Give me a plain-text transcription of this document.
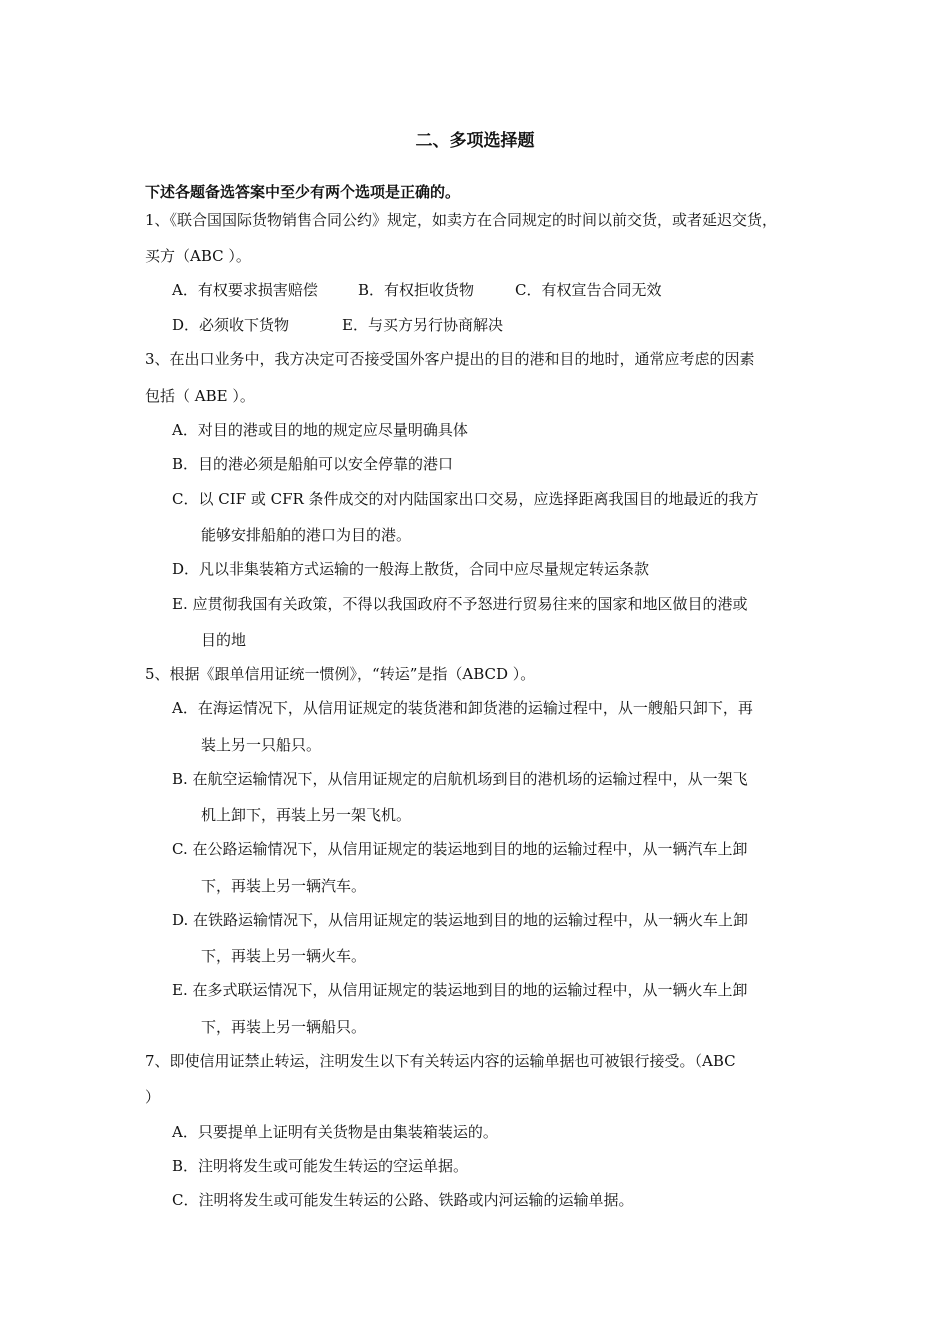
二、多项选择题
下述各题备选答案中至少有两个选项是正确的。
1、《联合国国际货物销售合同公约》规定，如卖方在合同规定的时间以前交货，或者延迟交货，
买方（ABC ）。
A．有权要求损害赔偿	B．有权拒收货物	C．有权宣告合同无效
D．必须收下货物	E．与买方另行协商解决
3、在出口业务中，我方决定可否接受国外客户提出的目的港和目的地时，通常应考虑的因素
包括（ ABE ）。
A．对目的港或目的地的规定应尽量明确具体
B．目的港必须是船舶可以安全停靠的港口
C．以 CIF 或 CFR 条件成交的对内陆国家出口交易，应选择距离我国目的地最近的我方
能够安排船舶的港口为目的港。
D．凡以非集装箱方式运输的一般海上散货，合同中应尽量规定转运条款
E. 应贯彻我国有关政策，不得以我国政府不予怒进行贸易往来的国家和地区做目的港或
目的地
5、根据《跟单信用证统一惯例》，“转运”是指（ABCD ）。
A．在海运情况下，从信用证规定的装货港和卸货港的运输过程中，从一艘船只卸下，再
装上另一只船只。
B. 在航空运输情况下，从信用证规定的启航机场到目的港机场的运输过程中，从一架飞
机上卸下，再装上另一架飞机。
C. 在公路运输情况下，从信用证规定的装运地到目的地的运输过程中，从一辆汽车上卸
下，再装上另一辆汽车。
D. 在铁路运输情况下，从信用证规定的装运地到目的地的运输过程中，从一辆火车上卸
下，再装上另一辆火车。
E. 在多式联运情况下，从信用证规定的装运地到目的地的运输过程中，从一辆火车上卸
下，再装上另一辆船只。
7、即使信用证禁止转运，注明发生以下有关转运内容的运输单据也可被银行接受。（ABC
）
A．只要提单上证明有关货物是由集装箱装运的。
B．注明将发生或可能发生转运的空运单据。
C．注明将发生或可能发生转运的公路、铁路或内河运输的运输单据。
